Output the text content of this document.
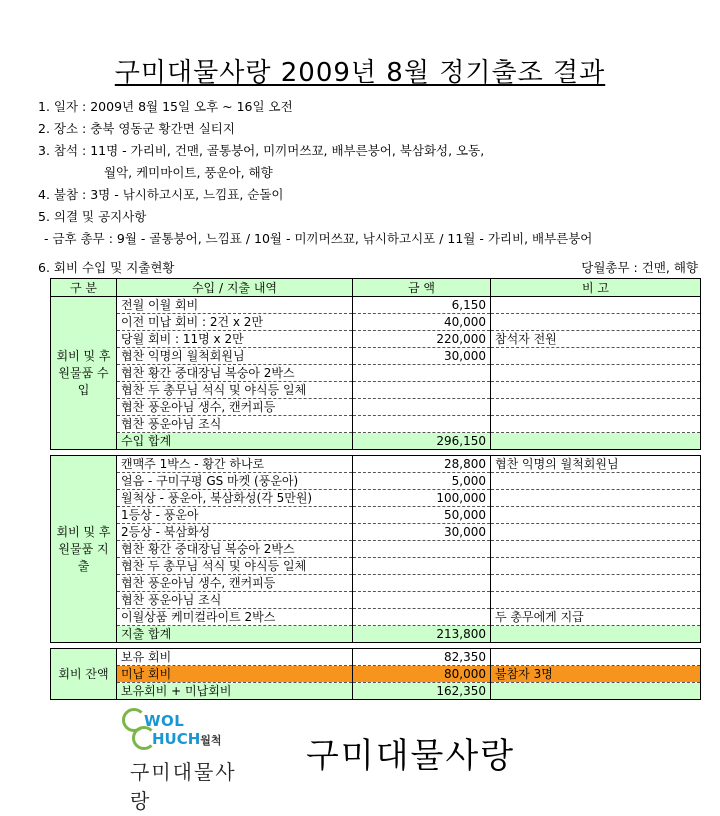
구미대물사랑 2009년 8월 정기출조 결과
1. 일자 : 2009년 8월 15일 오후 ~ 16일 오전
2. 장소 : 충북 영동군 황간면 실티지
3. 참석 : 11명 - 가리비, 건맨, 골통붕어, 미끼머쓰꾜, 배부른붕어, 북삼화성, 오동,
월악, 케미마이트, 풍운아, 해향
4. 불참 : 3명 - 낚시하고시포, 느낌표, 순돌이
5. 의결 및 공지사항
- 금후 총무 : 9월 - 골통붕어, 느낌표 / 10월 - 미끼머쓰꾜, 낚시하고시포 / 11월 - 가리비, 배부른붕어
6. 회비 수입 및 지출현황	당월총무 : 건맨, 해향
구 분	수입 / 지출 내역	금 액	비 고
회비 및 후원물품 수입	전월 이월 회비	6,150	
	이전 미납 회비 : 2건 x 2만	40,000	
	당월 회비 : 11명 x 2만	220,000	참석자 전원
	협찬 익명의 월척회원님	30,000	
	협찬 황간 중대장님 복숭아 2박스		
	협찬 두 총무님 석식 및 야식등 일체		
	협찬 풍운아님 생수, 캔커피등		
	협찬 풍운아님 조식		
	수입 합계	296,150	

회비 및 후원물품 지출	캔맥주 1박스 - 황간 하나로	28,800	협찬 익명의 월척회원님
	얼음 - 구미구평 GS 마켓 (풍운아)	5,000	
	월척상 - 풍운아, 북삼화성(각 5만원)	100,000	
	1등상 - 풍운아	50,000	
	2등상 - 북삼화성	30,000	
	협찬 황간 중대장님 복숭아 2박스		
	협찬 두 총무님 석식 및 야식등 일체		
	협찬 풍운아님 생수, 캔커피등		
	협찬 풍운아님 조식		
	이월상품 케미컬라이트 2박스		두 총무에게 지급
	지출 합계	213,800	

회비 잔액	보유 회비	82,350	
	미납 회비	80,000	불참자 3명
	보유회비 + 미납회비	162,350	
WOL
HUCH월척
구미대물사랑
구미대물사랑
